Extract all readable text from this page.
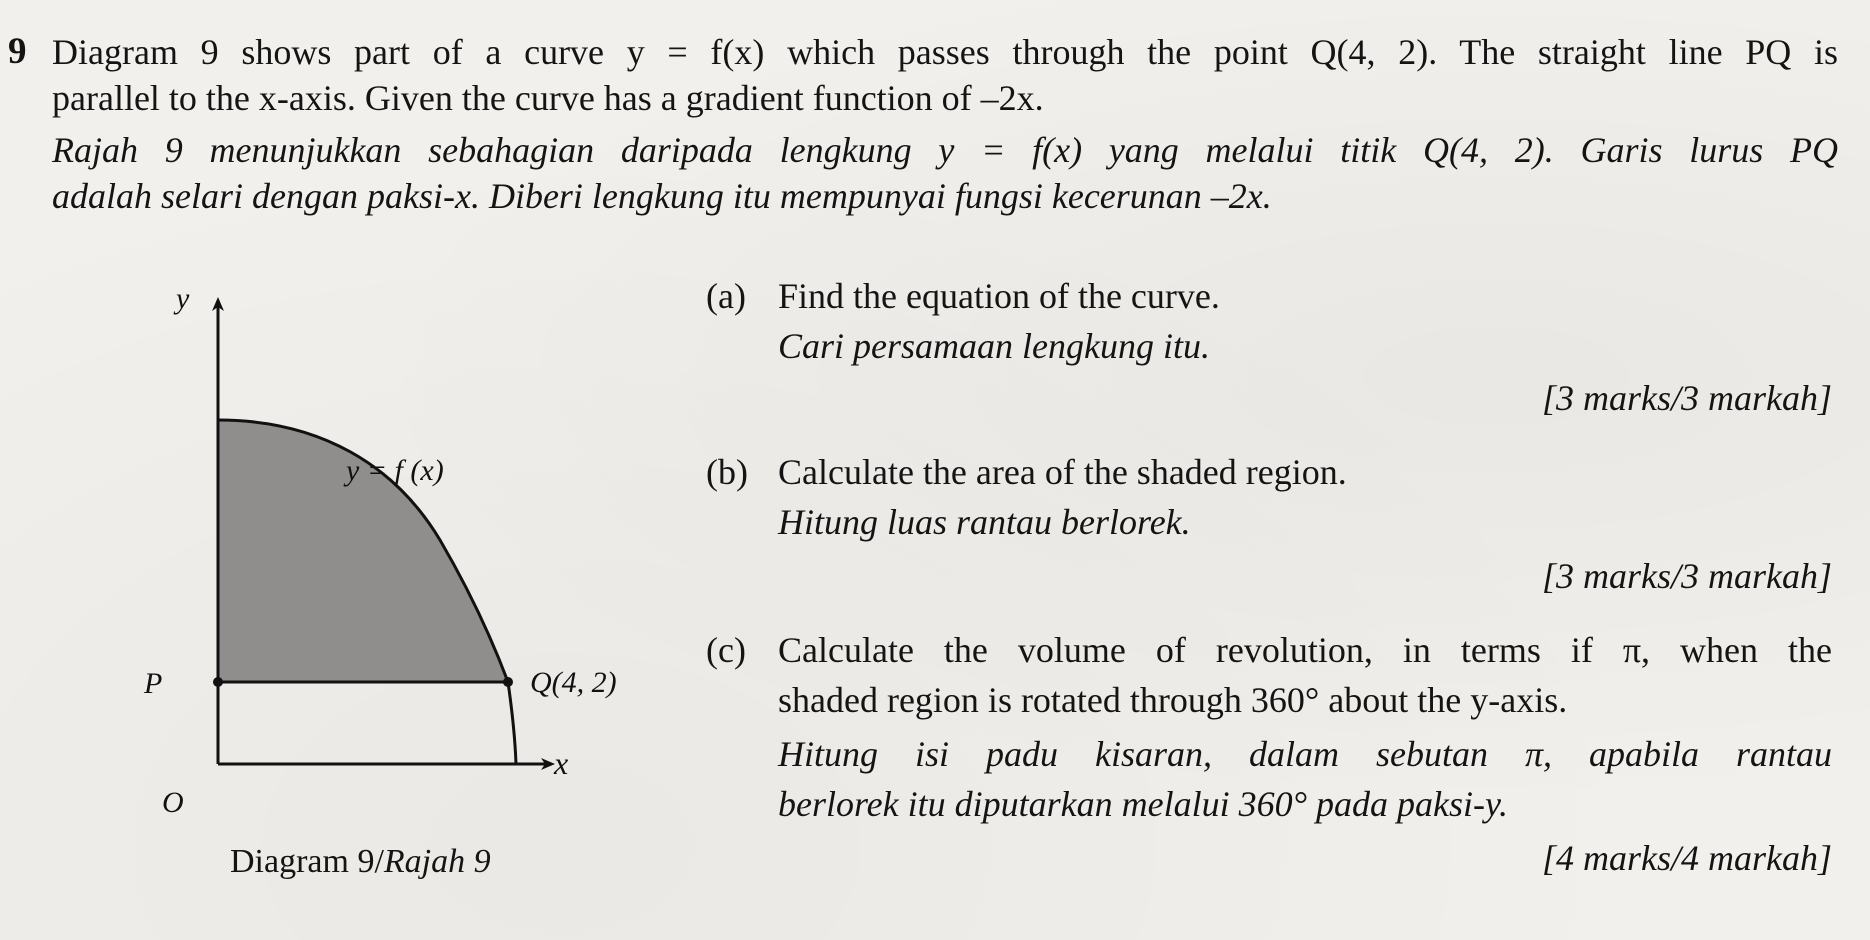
9 Diagram 9 shows part of a curve y = f(x) which passes through the point Q(4, 2). The straight line PQ is
parallel to the x-axis. Given the curve has a gradient function of –2x.
Rajah 9 menunjukkan sebahagian daripada lengkung y = f(x) yang melalui titik Q(4, 2). Garis lurus PQ
adalah selari dengan paksi-x. Diberi lengkung itu mempunyai fungsi kecerunan –2x.
y
x
O
P	Q(4, 2)
y = f (x)
Diagram 9/Rajah 9
(a) Find the equation of the curve.
Cari persamaan lengkung itu.
[3 marks/3 markah]
(b) Calculate the area of the shaded region.
Hitung luas rantau berlorek.
[3 marks/3 markah]
(c) Calculate the volume of revolution, in terms if π, when the
shaded region is rotated through 360° about the y-axis.
Hitung isi padu kisaran, dalam sebutan π, apabila rantau
berlorek itu diputarkan melalui 360° pada paksi-y.
[4 marks/4 markah]
